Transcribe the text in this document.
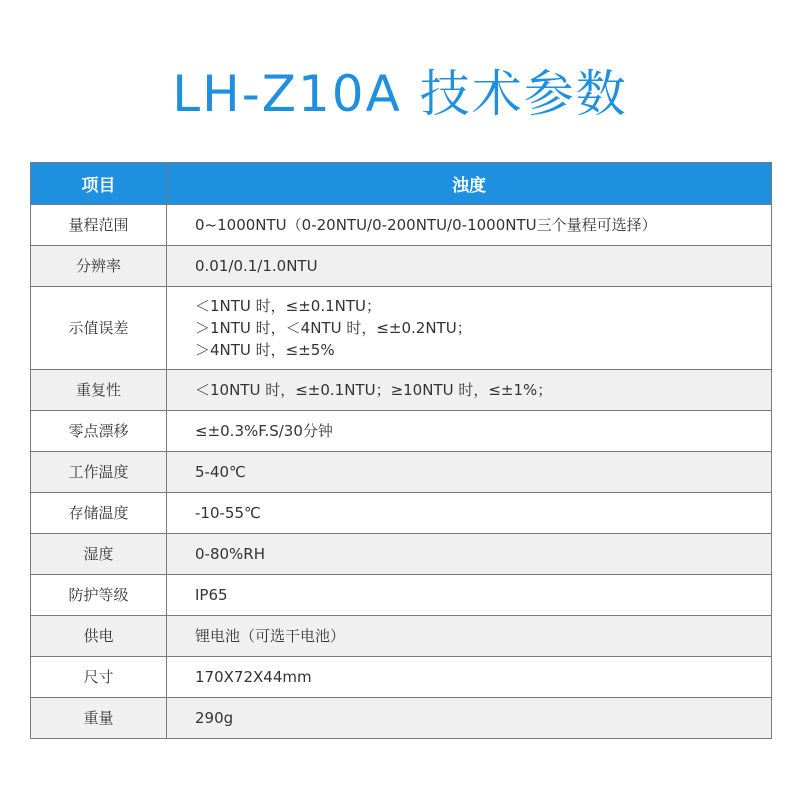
LH-Z10A 技术参数
项目	浊度
量程范围	0~1000NTU（0-20NTU/0-200NTU/0-1000NTU三个量程可选择）

分辨率	0.01/0.1/1.0NTU

示值误差	＜1NTU 时，≤±0.1NTU；
＞1NTU 时，＜4NTU 时，≤±0.2NTU；
＞4NTU 时，≤±5%

重复性	＜10NTU 时，≤±0.1NTU；≥10NTU 时，≤±1%；

零点漂移	≤±0.3%F.S/30分钟

工作温度	5-40℃

存储温度	-10-55℃

湿度	0-80%RH

防护等级	IP65

供电	锂电池（可选干电池）

尺寸	170X72X44mm

重量	290g
